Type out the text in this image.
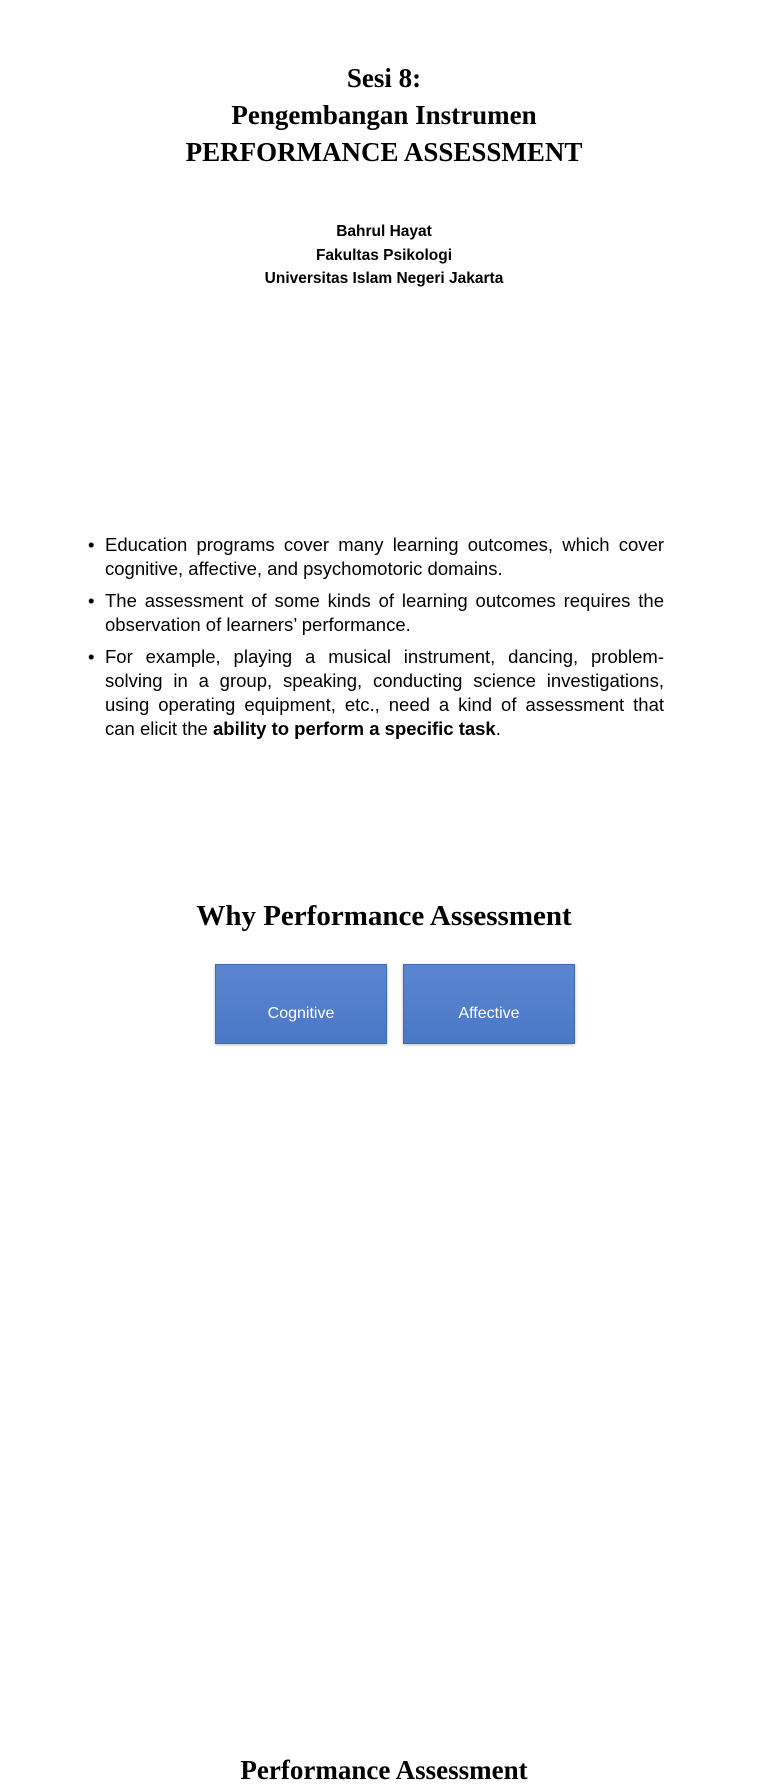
Sesi 8:
Pengembangan Instrumen
PERFORMANCE ASSESSMENT
Bahrul Hayat
Fakultas Psikologi
Universitas Islam Negeri Jakarta
Why Performance Assessment
• Education programs cover many learning outcomes, which cover cognitive, affective, and psychomotoric domains.
• The assessment of some kinds of learning outcomes requires the observation of learners’ performance.
• For example, playing a musical instrument, dancing, problem-solving in a group, speaking, conducting science investigations, using operating equipment, etc., need a kind of assessment that can elicit the ability to perform a specific task.
Performance Assessment
Cognitive	Affective
